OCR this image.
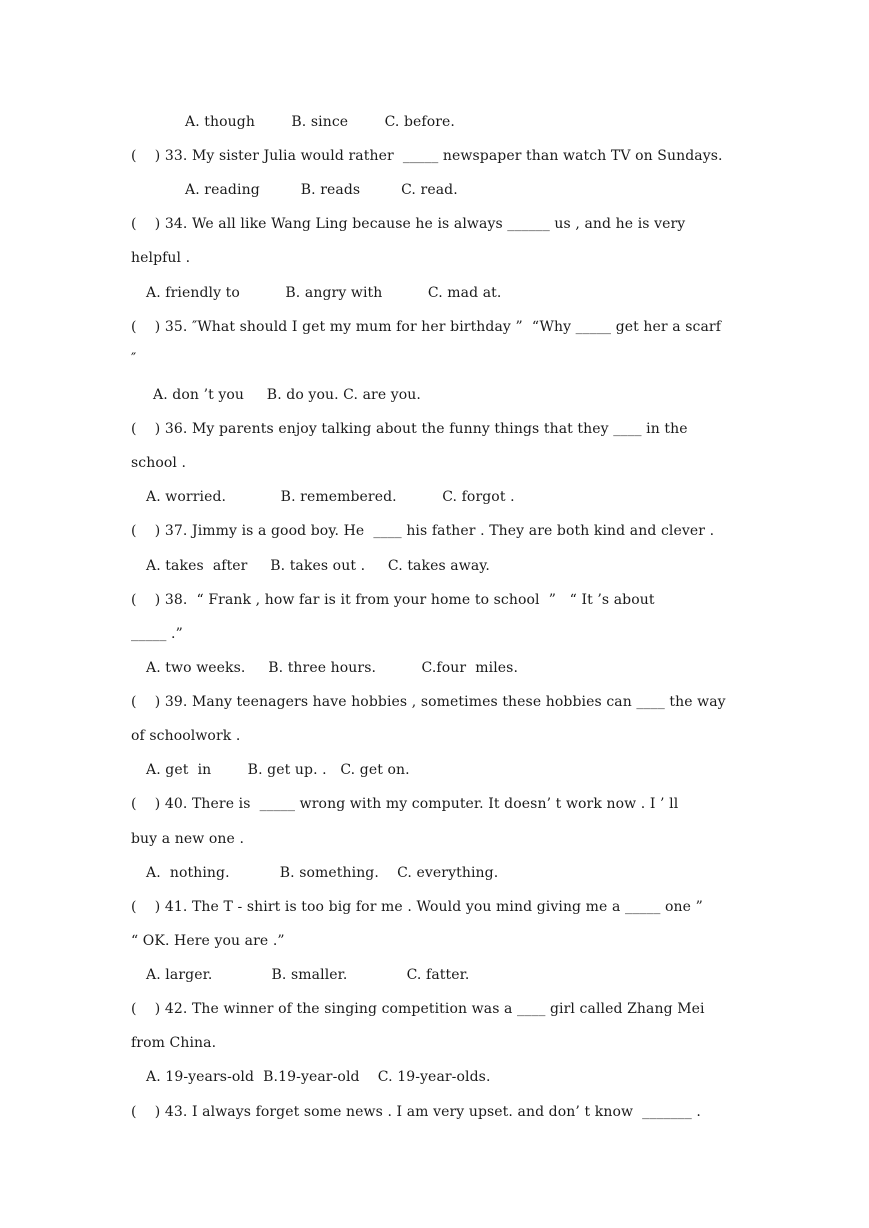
A. though        B. since        C. before.
(    ) 33. My sister Julia would rather  _____ newspaper than watch TV on Sundays.
A. reading         B. reads         C. read.
(    ) 34. We all like Wang Ling because he is always ______ us , and he is very
helpful .
A. friendly to          B. angry with          C. mad at.
(    ) 35. ″What should I get my mum for her birthday ”  “Why _____ get her a scarf
″
A. don ’t you     B. do you. C. are you.
(    ) 36. My parents enjoy talking about the funny things that they ____ in the
school .
A. worried.            B. remembered.          C. forgot .
(    ) 37. Jimmy is a good boy. He  ____ his father . They are both kind and clever .
A. takes  after     B. takes out .     C. takes away.
(    ) 38.  “ Frank , how far is it from your home to school  ”   “ It ’s about
_____ .”
A. two weeks.     B. three hours.          C.four  miles.
(    ) 39. Many teenagers have hobbies , sometimes these hobbies can ____ the way
of schoolwork .
A. get  in        B. get up. .   C. get on.
(    ) 40. There is  _____ wrong with my computer. It doesn’ t work now . I ’ ll
buy a new one .
A.  nothing.           B. something.    C. everything.
(    ) 41. The T - shirt is too big for me . Would you mind giving me a _____ one ”
“ OK. Here you are .”
A. larger.             B. smaller.             C. fatter.
(    ) 42. The winner of the singing competition was a ____ girl called Zhang Mei
from China.
A. 19-years-old  B.19-year-old    C. 19-year-olds.
(    ) 43. I always forget some news . I am very upset. and don’ t know  _______ .
